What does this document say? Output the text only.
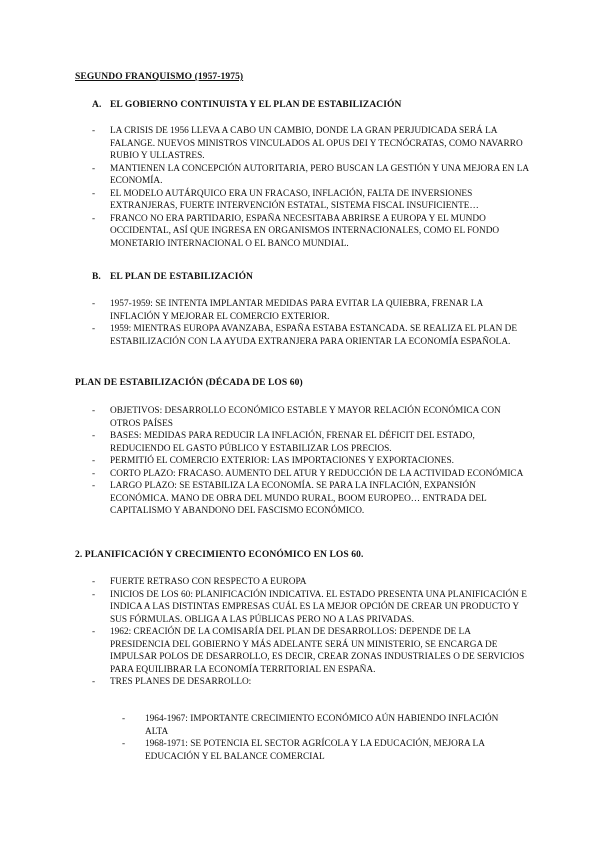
SEGUNDO FRANQUISMO (1957-1975)
A. EL GOBIERNO CONTINUISTA Y EL PLAN DE ESTABILIZACIÓN
- LA CRISIS DE 1956 LLEVA A CABO UN CAMBIO, DONDE LA GRAN PERJUDICADA SERÁ LA FALANGE. NUEVOS MINISTROS VINCULADOS AL OPUS DEI Y TECNÓCRATAS, COMO NAVARRO RUBIO Y ULLASTRES.
- MANTIENEN LA CONCEPCIÓN AUTORITARIA, PERO BUSCAN LA GESTIÓN Y UNA MEJORA EN LA ECONOMÍA.
- EL MODELO AUTÁRQUICO ERA UN FRACASO, INFLACIÓN, FALTA DE INVERSIONES EXTRANJERAS, FUERTE INTERVENCIÓN ESTATAL, SISTEMA FISCAL INSUFICIENTE…
- FRANCO NO ERA PARTIDARIO, ESPAÑA NECESITABA ABRIRSE A EUROPA Y EL MUNDO OCCIDENTAL, ASÍ QUE INGRESA EN ORGANISMOS INTERNACIONALES, COMO EL FONDO MONETARIO INTERNACIONAL O EL BANCO MUNDIAL.
B. EL PLAN DE ESTABILIZACIÓN
- 1957-1959: SE INTENTA IMPLANTAR MEDIDAS PARA EVITAR LA QUIEBRA, FRENAR LA INFLACIÓN Y MEJORAR EL COMERCIO EXTERIOR.
- 1959: MIENTRAS EUROPA AVANZABA, ESPAÑA ESTABA ESTANCADA. SE REALIZA EL PLAN DE ESTABILIZACIÓN CON LA AYUDA EXTRANJERA PARA ORIENTAR LA ECONOMÍA ESPAÑOLA.
PLAN DE ESTABILIZACIÓN (DÉCADA DE LOS 60)
- OBJETIVOS: DESARROLLO ECONÓMICO ESTABLE Y MAYOR RELACIÓN ECONÓMICA CON OTROS PAÍSES
- BASES: MEDIDAS PARA REDUCIR LA INFLACIÓN, FRENAR EL DÉFICIT DEL ESTADO, REDUCIENDO EL GASTO PÚBLICO Y ESTABILIZAR LOS PRECIOS.
- PERMITIÓ EL COMERCIO EXTERIOR: LAS IMPORTACIONES Y EXPORTACIONES.
- CORTO PLAZO: FRACASO. AUMENTO DEL ATUR Y REDUCCIÓN DE LA ACTIVIDAD ECONÓMICA
- LARGO PLAZO: SE ESTABILIZA LA ECONOMÍA. SE PARA LA INFLACIÓN, EXPANSIÓN ECONÓMICA. MANO DE OBRA DEL MUNDO RURAL, BOOM EUROPEO… ENTRADA DEL CAPITALISMO Y ABANDONO DEL FASCISMO ECONÓMICO.
2. PLANIFICACIÓN Y CRECIMIENTO ECONÓMICO EN LOS 60.
- FUERTE RETRASO CON RESPECTO A EUROPA
- INICIOS DE LOS 60: PLANIFICACIÓN INDICATIVA. EL ESTADO PRESENTA UNA PLANIFICACIÓN E INDICA A LAS DISTINTAS EMPRESAS CUÁL ES LA MEJOR OPCIÓN DE CREAR UN PRODUCTO Y SUS FÓRMULAS. OBLIGA A LAS PÚBLICAS PERO NO A LAS PRIVADAS.
- 1962: CREACIÓN DE LA COMISARÍA DEL PLAN DE DESARROLLOS: DEPENDE DE LA PRESIDENCIA DEL GOBIERNO Y MÁS ADELANTE SERÁ UN MINISTERIO, SE ENCARGA DE IMPULSAR POLOS DE DESARROLLO, ES DECIR, CREAR ZONAS INDUSTRIALES O DE SERVICIOS PARA EQUILIBRAR LA ECONOMÍA TERRITORIAL EN ESPAÑA.
- TRES PLANES DE DESARROLLO:
- 1964-1967: IMPORTANTE CRECIMIENTO ECONÓMICO AÚN HABIENDO INFLACIÓN ALTA
- 1968-1971: SE POTENCIA EL SECTOR AGRÍCOLA Y LA EDUCACIÓN, MEJORA LA EDUCACIÓN Y EL BALANCE COMERCIAL
